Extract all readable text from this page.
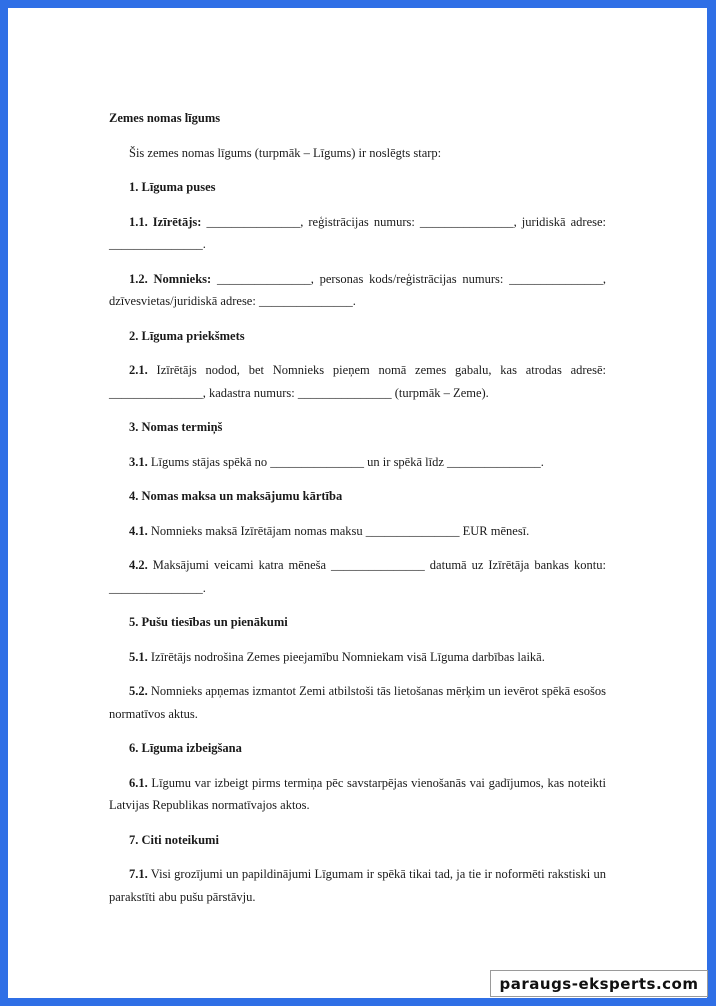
Zemes nomas līgums

Šis zemes nomas līgums (turpmāk – Līgums) ir noslēgts starp:

1. Līguma puses

1.1. Izīrētājs: _______________, reģistrācijas numurs: _______________, juridiskā adrese: _______________.

1.2. Nomnieks: _______________, personas kods/reģistrācijas numurs: _______________, dzīvesvietas/juridiskā adrese: _______________.

2. Līguma priekšmets

2.1. Izīrētājs nodod, bet Nomnieks pieņem nomā zemes gabalu, kas atrodas adresē: _______________, kadastra numurs: _______________ (turpmāk – Zeme).

3. Nomas termiņš

3.1. Līgums stājas spēkā no _______________ un ir spēkā līdz _______________.

4. Nomas maksa un maksājumu kārtība

4.1. Nomnieks maksā Izīrētājam nomas maksu _______________ EUR mēnesī.

4.2. Maksājumi veicami katra mēneša _______________ datumā uz Izīrētāja bankas kontu: _______________.

5. Pušu tiesības un pienākumi

5.1. Izīrētājs nodrošina Zemes pieejamību Nomniekam visā Līguma darbības laikā.

5.2. Nomnieks apņemas izmantot Zemi atbilstoši tās lietošanas mērķim un ievērot spēkā esošos normatīvos aktus.

6. Līguma izbeigšana

6.1. Līgumu var izbeigt pirms termiņa pēc savstarpējas vienošanās vai gadījumos, kas noteikti Latvijas Republikas normatīvajos aktos.

7. Citi noteikumi

7.1. Visi grozījumi un papildinājumi Līgumam ir spēkā tikai tad, ja tie ir noformēti rakstiski un parakstīti abu pušu pārstāvju.

paraugs-eksperts.com
